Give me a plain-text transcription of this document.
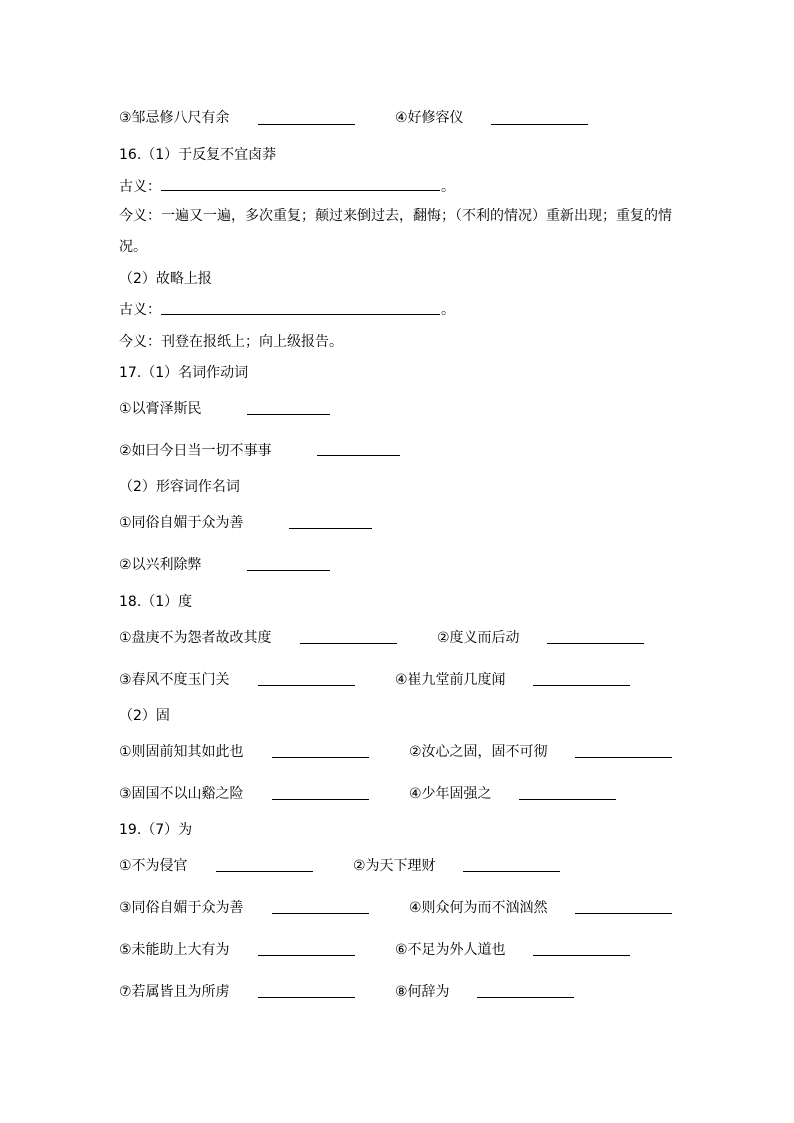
③邹忌修八尺有余	④好修容仪
16.（1）于反复不宜卤莽
古义：	。
今义：一遍又一遍，多次重复；颠过来倒过去，翻悔；（不利的情况）重新出现；重复的情
况。
（2）故略上报
古义：	。
今义：刊登在报纸上；向上级报告。
17.（1）名词作动词
①以膏泽斯民
②如曰今日当一切不事事
（2）形容词作名词
①同俗自媚于众为善
②以兴利除弊
18.（1）度
①盘庚不为怨者故改其度	②度义而后动
③春风不度玉门关	④崔九堂前几度闻
（2）固
①则固前知其如此也	②汝心之固，固不可彻
③固国不以山谿之险	④少年固强之
19.（7）为
①不为侵官	②为天下理财
③同俗自媚于众为善	④则众何为而不汹汹然
⑤未能助上大有为	⑥不足为外人道也
⑦若属皆且为所虏	⑧何辞为
